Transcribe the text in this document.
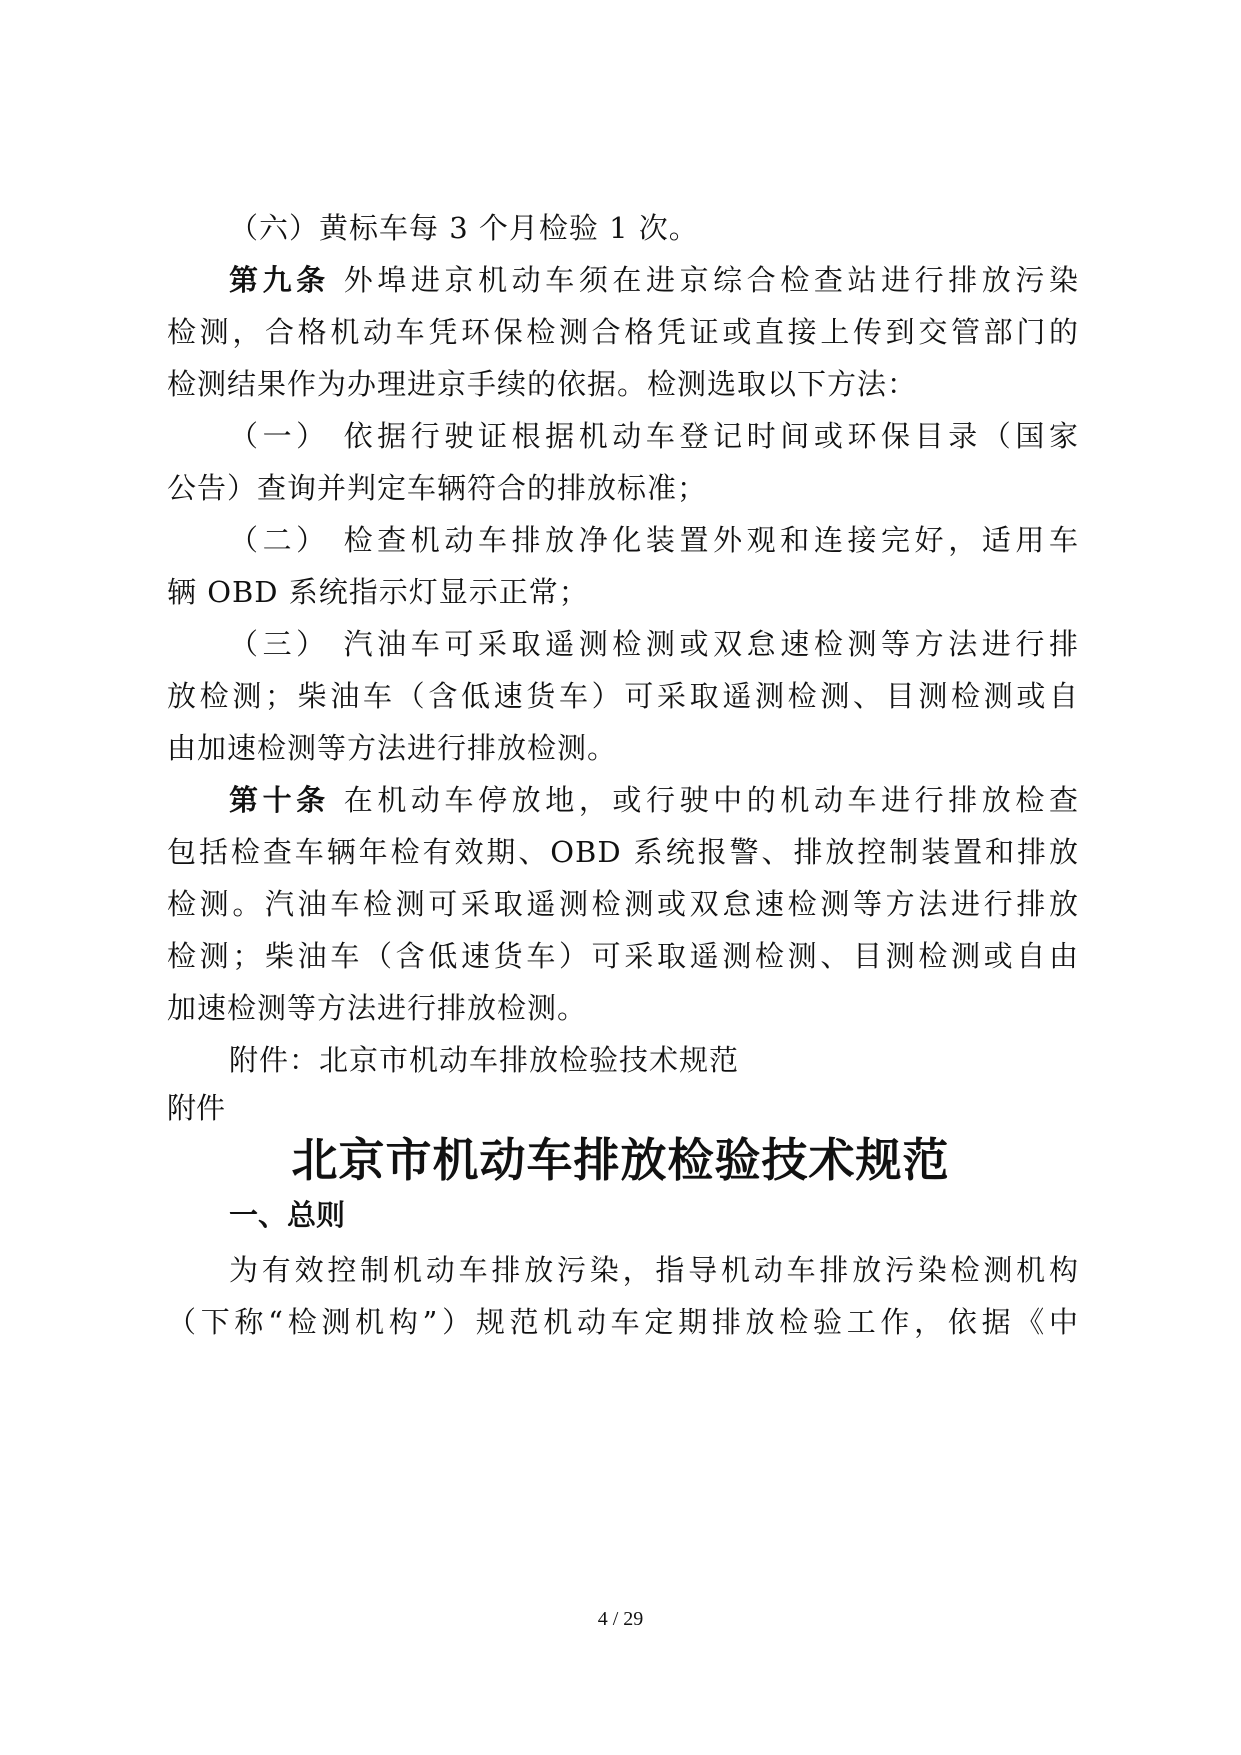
（六）黄标车每 3 个月检验 1 次。
第九条 外埠进京机动车须在进京综合检查站进行排放污染
检测，合格机动车凭环保检测合格凭证或直接上传到交管部门的
检测结果作为办理进京手续的依据。检测选取以下方法：
（一） 依据行驶证根据机动车登记时间或环保目录（国家
公告）查询并判定车辆符合的排放标准；
（二） 检查机动车排放净化装置外观和连接完好，适用车
辆 OBD 系统指示灯显示正常；
（三） 汽油车可采取遥测检测或双怠速检测等方法进行排
放检测；柴油车（含低速货车）可采取遥测检测、目测检测或自
由加速检测等方法进行排放检测。
第十条 在机动车停放地，或行驶中的机动车进行排放检查
包括检查车辆年检有效期、OBD 系统报警、排放控制装置和排放
检测。汽油车检测可采取遥测检测或双怠速检测等方法进行排放
检测；柴油车（含低速货车）可采取遥测检测、目测检测或自由
加速检测等方法进行排放检测。
附件：北京市机动车排放检验技术规范
附件
北京市机动车排放检验技术规范
一、总则
为有效控制机动车排放污染，指导机动车排放污染检测机构
（下称“检测机构”）规范机动车定期排放检验工作，依据《中
4 / 29
